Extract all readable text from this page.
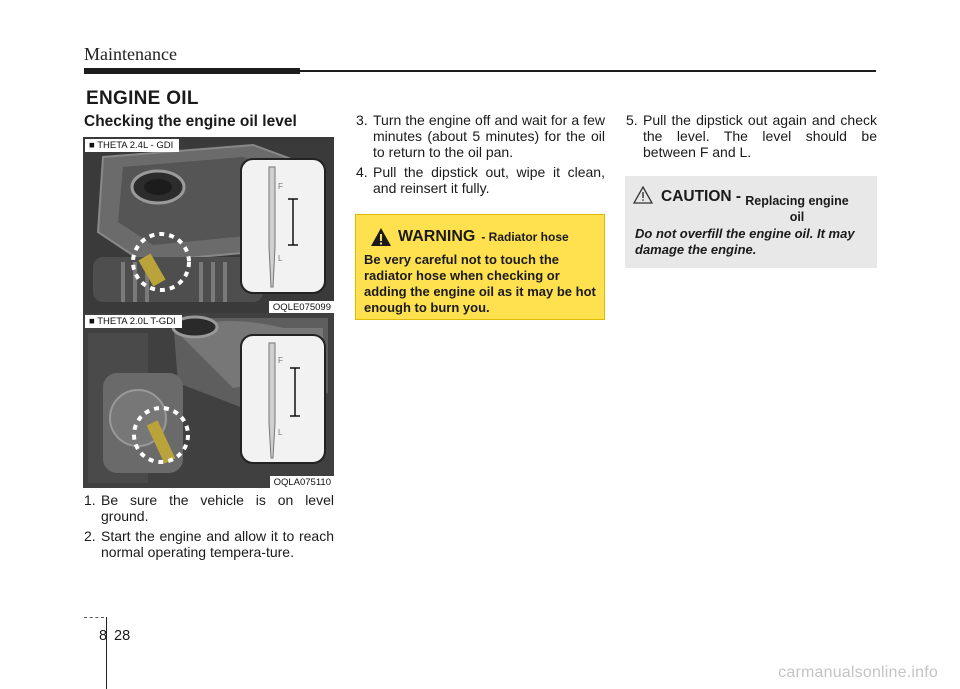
Maintenance
ENGINE OIL
Checking the engine oil level
F
L
■ THETA 2.4L - GDI
OQLE075099
F
L
■ THETA 2.0L T-GDI
OQLA075110
1. Be sure the vehicle is on level ground.
2. Start the engine and allow it to reach normal operating tempera-ture.
3. Turn the engine off and wait for a few minutes (about 5 minutes) for the oil to return to the oil pan.
4. Pull the dipstick out, wipe it clean, and reinsert it fully.
5. Pull the dipstick out again and check the level. The level should be between F and L.
WARNING - Radiator hose
Be very careful not to touch the radiator hose when checking or adding the engine oil as it may be hot enough to burn you.
CAUTION - Replacing engine oil
Do not overfill the engine oil. It may damage the engine.
8 28
carmanualsonline.info
